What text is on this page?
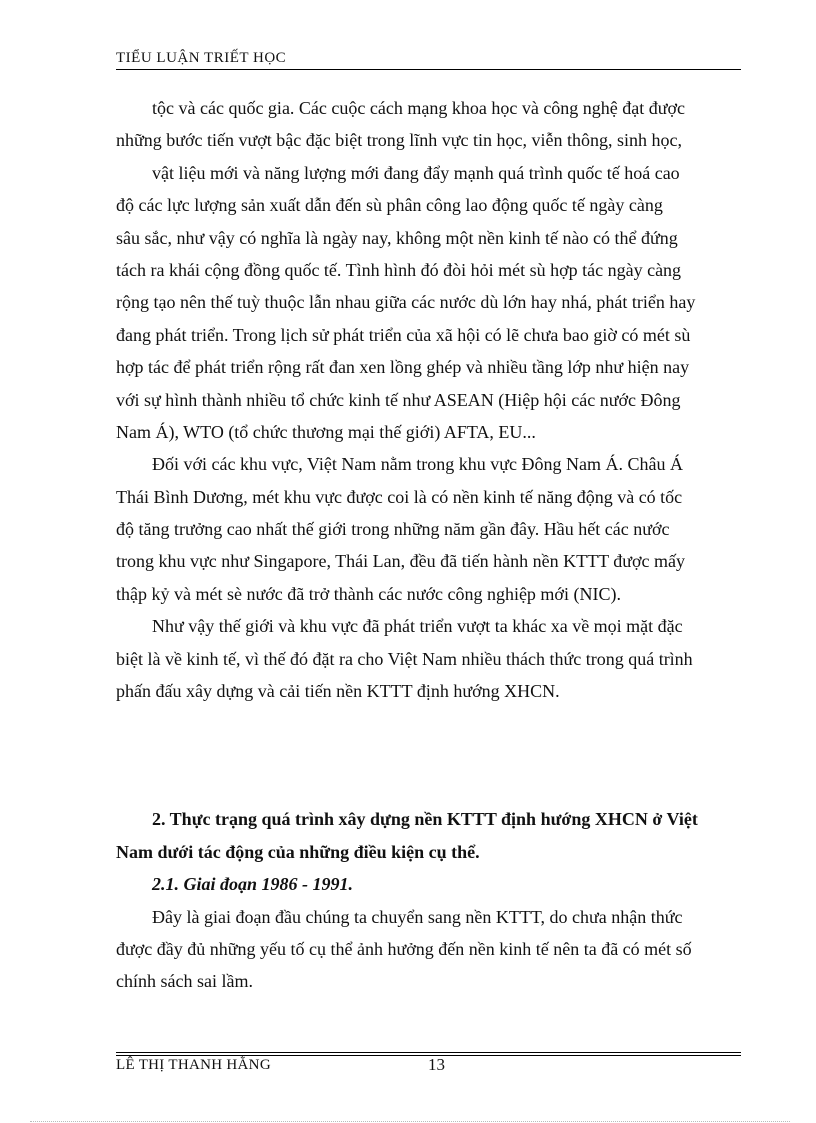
TIỂU LUẬN TRIẾT HỌC
tộc và các quốc gia. Các cuộc cách mạng khoa học và công nghệ đạt được
những bước tiến vượt bậc đặc biệt trong lĩnh vực tin học, viễn thông, sinh học,
vật liệu mới và năng lượng mới đang đẩy mạnh quá trình quốc tế hoá cao
độ các lực lượng sản xuất dẫn đến sù phân công lao động quốc tế ngày càng
sâu sắc, như vậy có nghĩa là ngày nay, không một nền kinh tế nào có thể đứng
tách ra khái cộng đồng quốc tế. Tình hình đó đòi hỏi mét sù hợp tác ngày càng
rộng tạo nên thế tuỳ thuộc lẫn nhau giữa các nước dù lớn hay nhá, phát triển hay
đang phát triển. Trong lịch sử phát triển của xã hội có lẽ chưa bao giờ có mét sù
hợp tác để phát triển rộng rất đan xen lồng ghép và nhiều tầng lớp như hiện nay
với sự hình thành nhiều tổ chức kinh tế như ASEAN (Hiệp hội các nước Đông
Nam Á), WTO (tổ chức thương mại thế giới) AFTA, EU...
Đối với các khu vực, Việt Nam nằm trong khu vực Đông Nam Á. Châu Á
Thái Bình Dương, mét khu vực được coi là có nền kinh tế năng động và có tốc
độ tăng trưởng cao nhất thế giới trong những năm gần đây. Hầu hết các nước
trong khu vực như Singapore, Thái Lan, đều đã tiến hành nền KTTT được mấy
thập kỷ và mét sè nước đã trở thành các nước công nghiệp mới (NIC).
Như vậy thế giới và khu vực đã phát triển vượt ta khác xa về mọi mặt đặc
biệt là về kinh tế, vì thế đó đặt ra cho Việt Nam nhiều thách thức trong quá trình
phấn đấu xây dựng và cải tiến nền KTTT định hướng XHCN.
2. Thực trạng quá trình xây dựng nền KTTT định hướng XHCN ở Việt
Nam dưới tác động của những điều kiện cụ thể.
2.1. Giai đoạn 1986 - 1991.
Đây là giai đoạn đầu chúng ta chuyển sang nền KTTT, do chưa nhận thức
được đầy đủ những yếu tố cụ thể ảnh hưởng đến nền kinh tế nên ta đã có mét số
chính sách sai lầm.
LÊ THỊ THANH HẰNG	13
